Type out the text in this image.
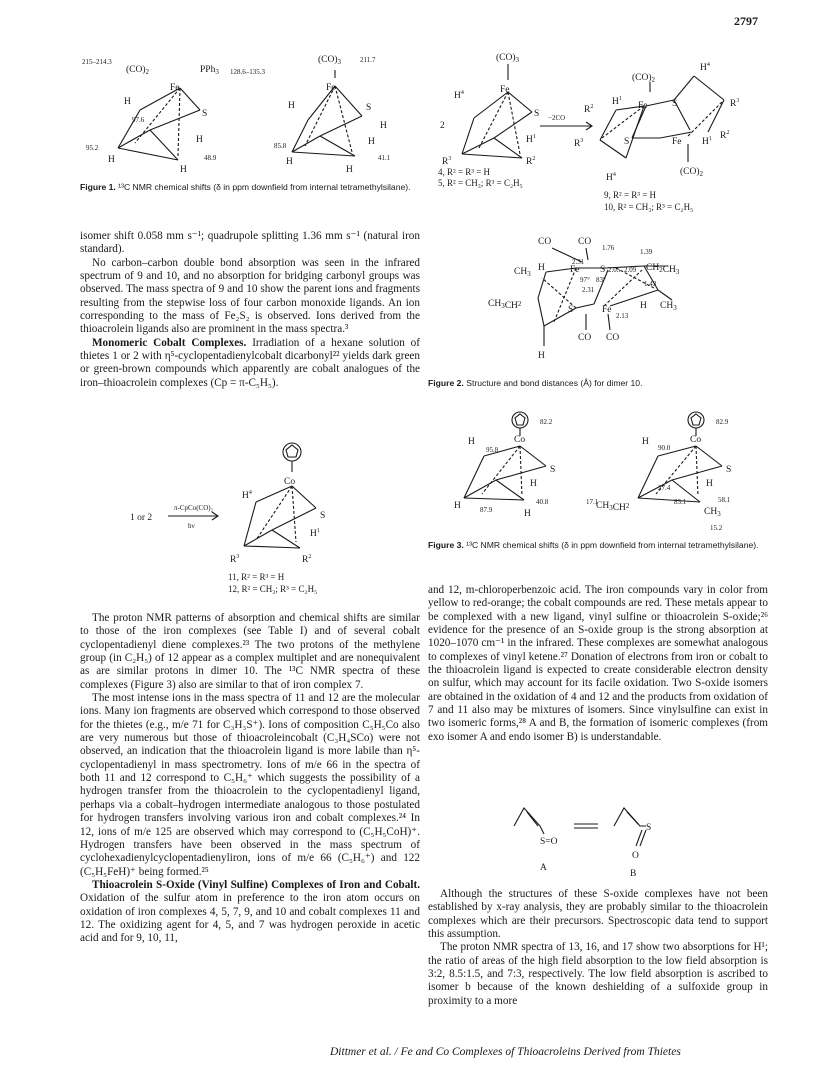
2797
215–214.3
$(CO)_2$
Fe
PPh$_3$ 128.6–135.3
H
S
97.6
95.2
H
H
48.9
H
$(CO)_3$	211.7
Fe
H	S
H
85.8
H
H
41.1
H
Figure 1. ¹³C NMR chemical shifts (δ in ppm downfield from internal tetramethylsilane).
$(CO)_3$
Fe
$H^4$
S
2
$H^1$
$R^3$	$R^2$
−2CO
$(CO)_2$
$H^4$
$R^2$ $H^1$
Fe	S	$R^3$
$R^3$	S	Fe $H^1$ $R^2$
$(CO)_2$
$H^4$
4, R² = R³ = H
5, R² = CH₃; R³ = C₂H₅
9, R² = R³ = H
10, R² = CH₃; R³ = C₂H₅
CO	CO
1.76	1.39
$CH_3$
H	Fe
2.31
S 2.05 2.09 $CH_2CH_3$
97° 83°
2.31
1.43
$CH_3CH^2$
S	Fe
2.13
H $CH_3$
CO CO
H
Figure 2. Structure and bond distances (Å) for dimer 10.
82.2
Co
H
95.8
S
H
H	87.9
40.8
H
82.9
Co
H
90.0
S
H
27.4
17.1
$CH_3CH^2$	83.1	58.1
$CH_3$
15.2
Figure 3. ¹³C NMR chemical shifts (δ in ppm downfield from internal tetramethylsilane).

isomer shift 0.058 mm s⁻¹; quadrupole splitting 1.36 mm s⁻¹ (natural iron standard).

No carbon–carbon double bond absorption was seen in the infrared spectrum of 9 and 10, and no absorption for bridging carbonyl groups was observed. The mass spectra of 9 and 10 show the parent ions and fragments resulting from the stepwise loss of four carbon monoxide ligands. An ion corresponding to the mass of Fe₂S₂ is observed. Ions derived from the thioacrolein ligands also are prominent in the mass spectra.³

Monomeric Cobalt Complexes. Irradiation of a hexane solution of thietes 1 or 2 with η⁵-cyclopentadienylcobalt dicarbonyl²² yields dark green or green-brown compounds which apparently are cobalt analogues of the iron–thioacrolein complexes (Cp = π-C₅H₅).

Co
$H^4$
S
$H^1$
$R^3$	$R^2$
1 or 2
π-CpCo(CO)₂
hν
11, R² = R³ = H
12, R² = CH₃; R³ = C₂H₅

The proton NMR patterns of absorption and chemical shifts are similar to those of the iron complexes (see Table I) and of several cobalt cyclopentadienyl diene complexes.²³ The two protons of the methylene group (in C₂H₅) of 12 appear as a complex multiplet and are nonequivalent as are similar protons in dimer 10. The ¹³C NMR spectra of these complexes (Figure 3) also are similar to that of iron complex 7.

The most intense ions in the mass spectra of 11 and 12 are the molecular ions. Many ion fragments are observed which correspond to those observed for the thietes (e.g., m/e 71 for C₃H₃S⁺). Ions of composition C₅H₅Co also are very numerous but those of thioacroleincobalt (C₃H₄SCo) were not observed, an indication that the thioacrolein ligand is more labile than η⁵-cyclopentadienyl in mass spectrometry. Ions of m/e 66 in the spectra of both 11 and 12 correspond to C₅H₆⁺ which suggests the possibility of a hydrogen transfer from the thioacrolein to the cyclopentadienyl ligand, perhaps via a cobalt–hydrogen intermediate analogous to those postulated for hydrogen transfers involving various iron and cobalt complexes.²⁴ In 12, ions of m/e 125 are observed which may correspond to (C₅H₅CoH)⁺. Hydrogen transfers have been observed in the mass spectrum of cyclohexadienylcyclopentadienyliron, ions of m/e 66 (C₅H₆⁺) and 122 (C₅H₅FeH)⁺ being formed.²⁵

Thioacrolein S-Oxide (Vinyl Sulfine) Complexes of Iron and Cobalt. Oxidation of the sulfur atom in preference to the iron atom occurs on oxidation of iron complexes 4, 5, 7, 9, and 10 and cobalt complexes 11 and 12. The oxidizing agent for 4, 5, and 7 was hydrogen peroxide in acetic acid and for 9, 10, 11,

and 12, m-chloroperbenzoic acid. The iron compounds vary in color from yellow to red-orange; the cobalt compounds are red. These metals appear to be complexed with a new ligand, vinyl sulfine or thioacrolein S-oxide;²⁶ evidence for the presence of an S-oxide group is the strong absorption at 1020–1070 cm⁻¹ in the infrared. These complexes are somewhat analogous to complexes of vinyl ketene.²⁷ Donation of electrons from iron or cobalt to the thioacrolein ligand is expected to create considerable electron density on sulfur, which may account for its facile oxidation. Two S-oxide isomers are obtained in the oxidation of 4 and 12 and the products from oxidation of 7 and 11 also may be mixtures of isomers. Since vinylsulfine can exist in two isomeric forms,²⁸ A and B, the formation of isomeric complexes (from exo isomer A and endo isomer B) is understandable.

S=O
S
O
A
B

Although the structures of these S-oxide complexes have not been established by x-ray analysis, they are probably similar to the thioacrolein complexes which are their precursors. Spectroscopic data tend to support this assumption.

The proton NMR spectra of 13, 16, and 17 show two absorptions for H¹; the ratio of areas of the high field absorption to the low field absorption is 3:2, 8.5:1.5, and 7:3, respectively. The low field absorption is ascribed to isomer b because of the known deshielding of a sulfoxide group in proximity to a more

Dittmer et al. / Fe and Co Complexes of Thioacroleins Derived from Thietes
